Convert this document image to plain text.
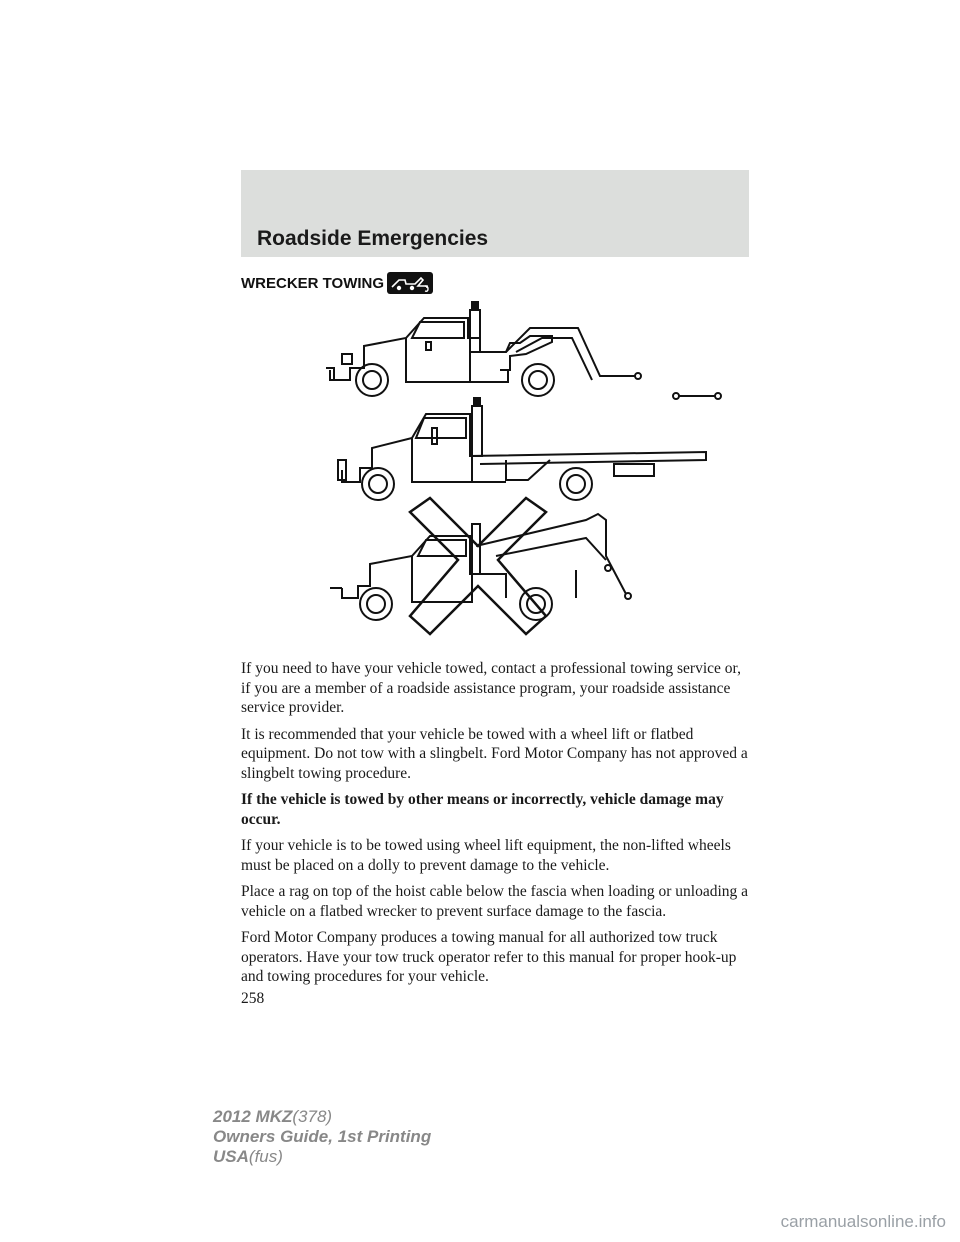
Roadside Emergencies
WRECKER TOWING

If you need to have your vehicle towed, contact a professional towing service or, if you are a member of a roadside assistance program, your roadside assistance service provider.

It is recommended that your vehicle be towed with a wheel lift or flatbed equipment. Do not tow with a slingbelt. Ford Motor Company has not approved a slingbelt towing procedure.

If the vehicle is towed by other means or incorrectly, vehicle damage may occur.

If your vehicle is to be towed using wheel lift equipment, the non-lifted wheels must be placed on a dolly to prevent damage to the vehicle.

Place a rag on top of the hoist cable below the fascia when loading or unloading a vehicle on a flatbed wrecker to prevent surface damage to the fascia.

Ford Motor Company produces a towing manual for all authorized tow truck operators. Have your tow truck operator refer to this manual for proper hook-up and towing procedures for your vehicle.

258
2012 MKZ(378)
Owners Guide, 1st Printing
USA(fus)
carmanualsonline.info
